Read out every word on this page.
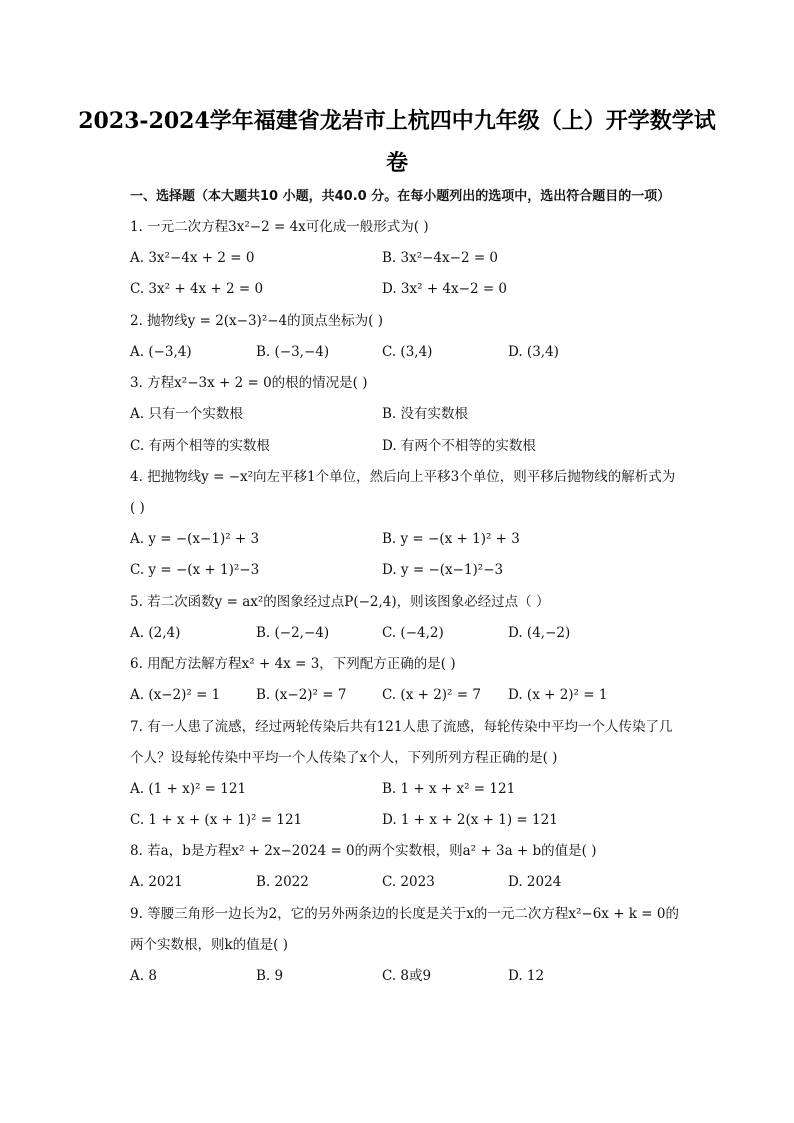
2023-2024学年福建省龙岩市上杭四中九年级（上）开学数学试
卷
一、选择题（本大题共10 小题，共40.0 分。在每小题列出的选项中，选出符合题目的一项）
1. 一元二次方程3x²−2 = 4x可化成一般形式为( )
A. 3x²−4x + 2 = 0	B. 3x²−4x−2 = 0
C. 3x² + 4x + 2 = 0	D. 3x² + 4x−2 = 0
2. 抛物线y = 2(x−3)²−4的顶点坐标为( )
A. (−3,4)	B. (−3,−4)	C. (3,4)	D. (3,4)
3. 方程x²−3x + 2 = 0的根的情况是( )
A. 只有一个实数根	B. 没有实数根
C. 有两个相等的实数根	D. 有两个不相等的实数根
4. 把抛物线y = −x²向左平移1个单位，然后向上平移3个单位，则平移后抛物线的解析式为
( )
A. y = −(x−1)² + 3	B. y = −(x + 1)² + 3
C. y = −(x + 1)²−3	D. y = −(x−1)²−3
5. 若二次函数y = ax²的图象经过点P(−2,4)，则该图象必经过点（ ）
A. (2,4)	B. (−2,−4)	C. (−4,2)	D. (4,−2)
6. 用配方法解方程x² + 4x = 3，下列配方正确的是( )
A. (x−2)² = 1	B. (x−2)² = 7	C. (x + 2)² = 7 D. (x + 2)² = 1
7. 有一人患了流感，经过两轮传染后共有121人患了流感，每轮传染中平均一个人传染了几
个人？设每轮传染中平均一个人传染了x个人，下列所列方程正确的是( )
A. (1 + x)² = 121	B. 1 + x + x² = 121
C. 1 + x + (x + 1)² = 121	D. 1 + x + 2(x + 1) = 121
8. 若a，b是方程x² + 2x−2024 = 0的两个实数根，则a² + 3a + b的值是( )
A. 2021	B. 2022	C. 2023	D. 2024
9. 等腰三角形一边长为2，它的另外两条边的长度是关于x的一元二次方程x²−6x + k = 0的
两个实数根，则k的值是( )
A. 8	B. 9	C. 8或9	D. 12
